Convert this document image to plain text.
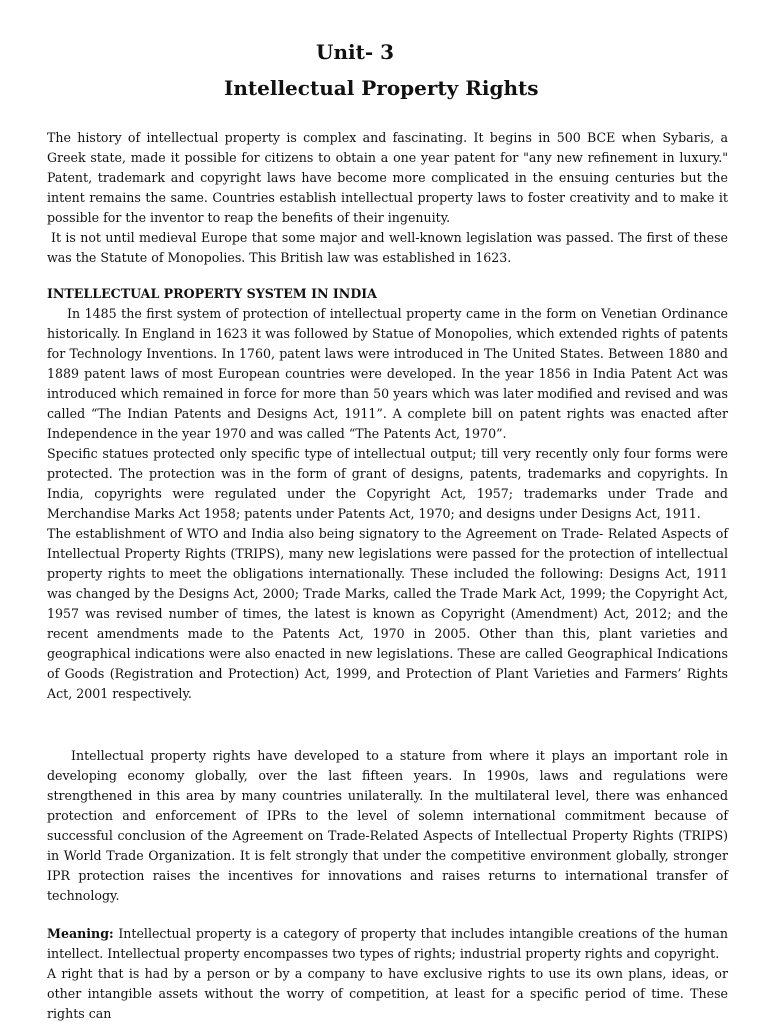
Unit- 3
Intellectual Property Rights

The history of intellectual property is complex and fascinating. It begins in 500 BCE when Sybaris, a Greek state, made it possible for citizens to obtain a one year patent for "any new refinement in luxury." Patent, trademark and copyright laws have become more complicated in the ensuing centuries but the intent remains the same. Countries establish intellectual property laws to foster creativity and to make it possible for the inventor to reap the benefits of their ingenuity.

It is not until medieval Europe that some major and well-known legislation was passed. The first of these was the Statute of Monopolies. This British law was established in 1623.

INTELLECTUAL PROPERTY SYSTEM IN INDIA

In 1485 the first system of protection of intellectual property came in the form on Venetian Ordinance historically. In England in 1623 it was followed by Statue of Monopolies, which extended rights of patents for Technology Inventions. In 1760, patent laws were introduced in The United States. Between 1880 and 1889 patent laws of most European countries were developed. In the year 1856 in India Patent Act was introduced which remained in force for more than 50 years which was later modified and revised and was called “The Indian Patents and Designs Act, 1911”. A complete bill on patent rights was enacted after Independence in the year 1970 and was called “The Patents Act, 1970”.

Specific statues protected only specific type of intellectual output; till very recently only four forms were protected. The protection was in the form of grant of designs, patents, trademarks and copyrights. In India, copyrights were regulated under the Copyright Act, 1957; trademarks under Trade and Merchandise Marks Act 1958; patents under Patents Act, 1970; and designs under Designs Act, 1911.

The establishment of WTO and India also being signatory to the Agreement on Trade- Related Aspects of Intellectual Property Rights (TRIPS), many new legislations were passed for the protection of intellectual property rights to meet the obligations internationally. These included the following: Designs Act, 1911 was changed by the Designs Act, 2000; Trade Marks, called the Trade Mark Act, 1999; the Copyright Act, 1957 was revised number of times, the latest is known as Copyright (Amendment) Act, 2012; and the recent amendments made to the Patents Act, 1970 in 2005. Other than this, plant varieties and geographical indications were also enacted in new legislations. These are called Geographical Indications of Goods (Registration and Protection) Act, 1999, and Protection of Plant Varieties and Farmers’ Rights Act, 2001 respectively.

Intellectual property rights have developed to a stature from where it plays an important role in developing economy globally, over the last fifteen years. In 1990s, laws and regulations were strengthened in this area by many countries unilaterally. In the multilateral level, there was enhanced protection and enforcement of IPRs to the level of solemn international commitment because of successful conclusion of the Agreement on Trade-Related Aspects of Intellectual Property Rights (TRIPS) in World Trade Organization. It is felt strongly that under the competitive environment globally, stronger IPR protection raises the incentives for innovations and raises returns to international transfer of technology.

Meaning: Intellectual property is a category of property that includes intangible creations of the human intellect. Intellectual property encompasses two types of rights; industrial property rights and copyright.

A right that is had by a person or by a company to have exclusive rights to use its own plans, ideas, or other intangible assets without the worry of competition, at least for a specific period of time. These rights can
